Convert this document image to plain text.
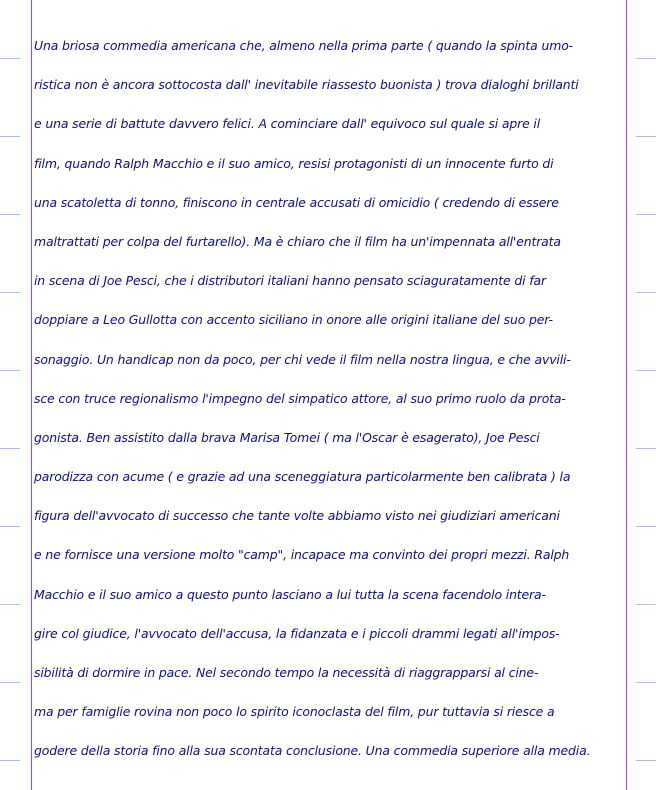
Una briosa commedia americana che, almeno nella prima parte ( quando la spinta umo-
ristica non è ancora sottocosta dall' inevitabile riassesto buonista ) trova dialoghi brillanti
e una serie di battute davvero felici. A cominciare dall' equivoco sul quale si apre il
film, quando Ralph Macchio e il suo amico, resisi protagonisti di un innocente furto di
una scatoletta di tonno, finiscono in centrale accusati di omicidio ( credendo di essere
maltrattati per colpa del furtarello). Ma è chiaro che il film ha un'impennata all'entrata
in scena di Joe Pesci, che i distributori italiani hanno pensato sciaguratamente di far
doppiare a Leo Gullotta con accento siciliano in onore alle origini italiane del suo per-
sonaggio. Un handicap non da poco, per chi vede il film nella nostra lingua, e che avvili-
sce con truce regionalismo l'impegno del simpatico attore, al suo primo ruolo da prota-
gonista. Ben assistito dalla brava Marisa Tomei ( ma l'Oscar è esagerato), Joe Pesci
parodizza con acume ( e grazie ad una sceneggiatura particolarmente ben calibrata ) la
figura dell'avvocato di successo che tante volte abbiamo visto nei giudiziari americani
e ne fornisce una versione molto "camp", incapace ma convinto dei propri mezzi. Ralph
Macchio e il suo amico a questo punto lasciano a lui tutta la scena facendolo intera-
gire col giudice, l'avvocato dell'accusa, la fidanzata e i piccoli drammi legati all'impos-
sibilità di dormire in pace. Nel secondo tempo la necessità di riaggrapparsi al cine-
ma per famiglie rovina non poco lo spirito iconoclasta del film, pur tuttavia si riesce a
godere della storia fino alla sua scontata conclusione. Una commedia superiore alla media.
